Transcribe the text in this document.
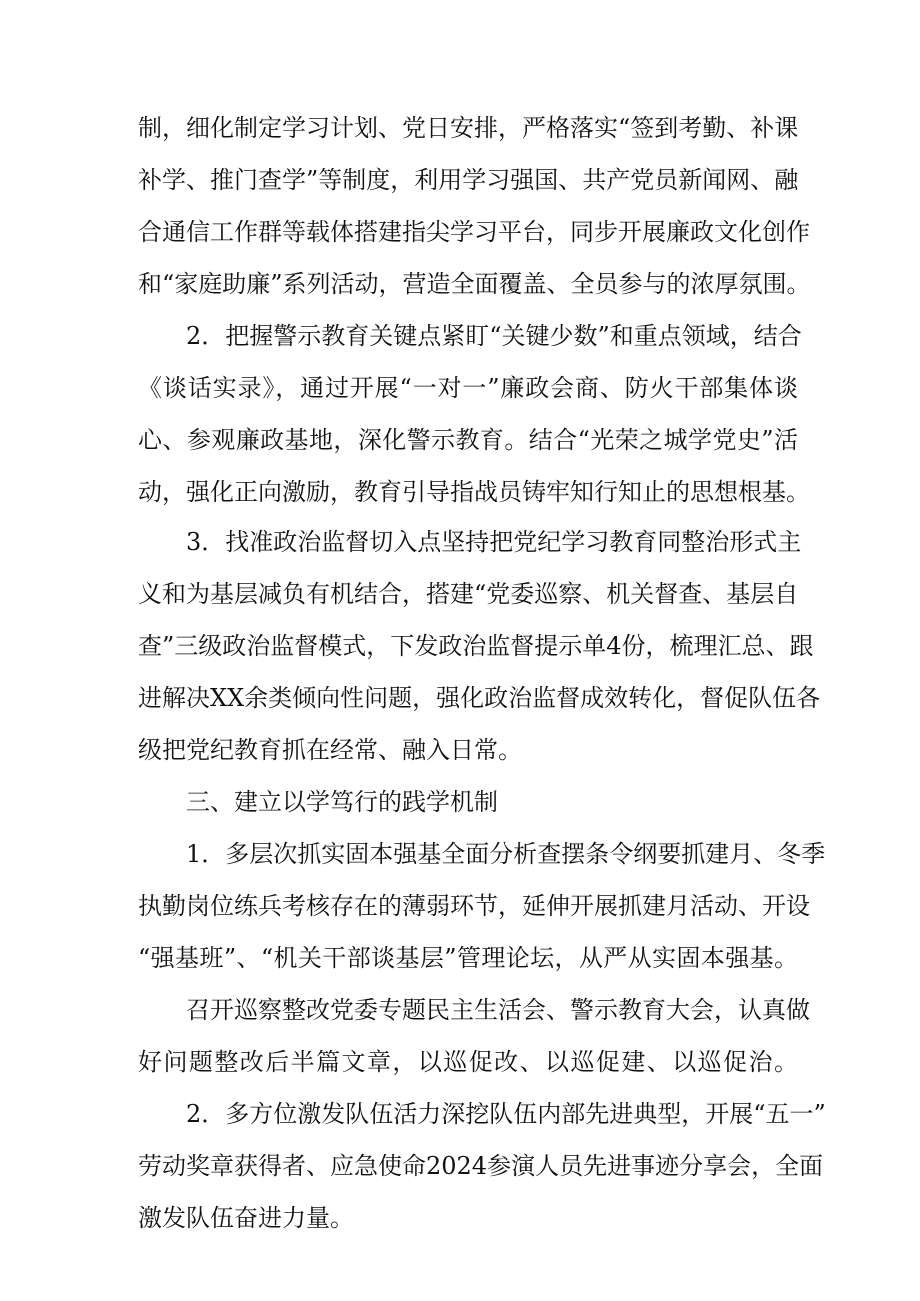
制，细化制定学习计划、党日安排，严格落实“签到考勤、补课
补学、推门查学”等制度，利用学习强国、共产党员新闻网、融
合通信工作群等载体搭建指尖学习平台，同步开展廉政文化创作
和“家庭助廉”系列活动，营造全面覆盖、全员参与的浓厚氛围。
2．把握警示教育关键点紧盯“关键少数”和重点领域，结合
《谈话实录》，通过开展“一对一”廉政会商、防火干部集体谈
心、参观廉政基地，深化警示教育。结合“光荣之城学党史”活
动，强化正向激励，教育引导指战员铸牢知行知止的思想根基。
3．找准政治监督切入点坚持把党纪学习教育同整治形式主
义和为基层减负有机结合，搭建“党委巡察、机关督查、基层自
查”三级政治监督模式，下发政治监督提示单4份，梳理汇总、跟
进解决XX余类倾向性问题，强化政治监督成效转化，督促队伍各
级把党纪教育抓在经常、融入日常。
三、建立以学笃行的践学机制
1．多层次抓实固本强基全面分析查摆条令纲要抓建月、冬季
执勤岗位练兵考核存在的薄弱环节，延伸开展抓建月活动、开设
“强基班”、“机关干部谈基层”管理论坛，从严从实固本强基。
召开巡察整改党委专题民主生活会、警示教育大会，认真做
好问题整改后半篇文章，以巡促改、以巡促建、以巡促治。
2．多方位激发队伍活力深挖队伍内部先进典型，开展“五一”
劳动奖章获得者、应急使命2024参演人员先进事迹分享会，全面
激发队伍奋进力量。
